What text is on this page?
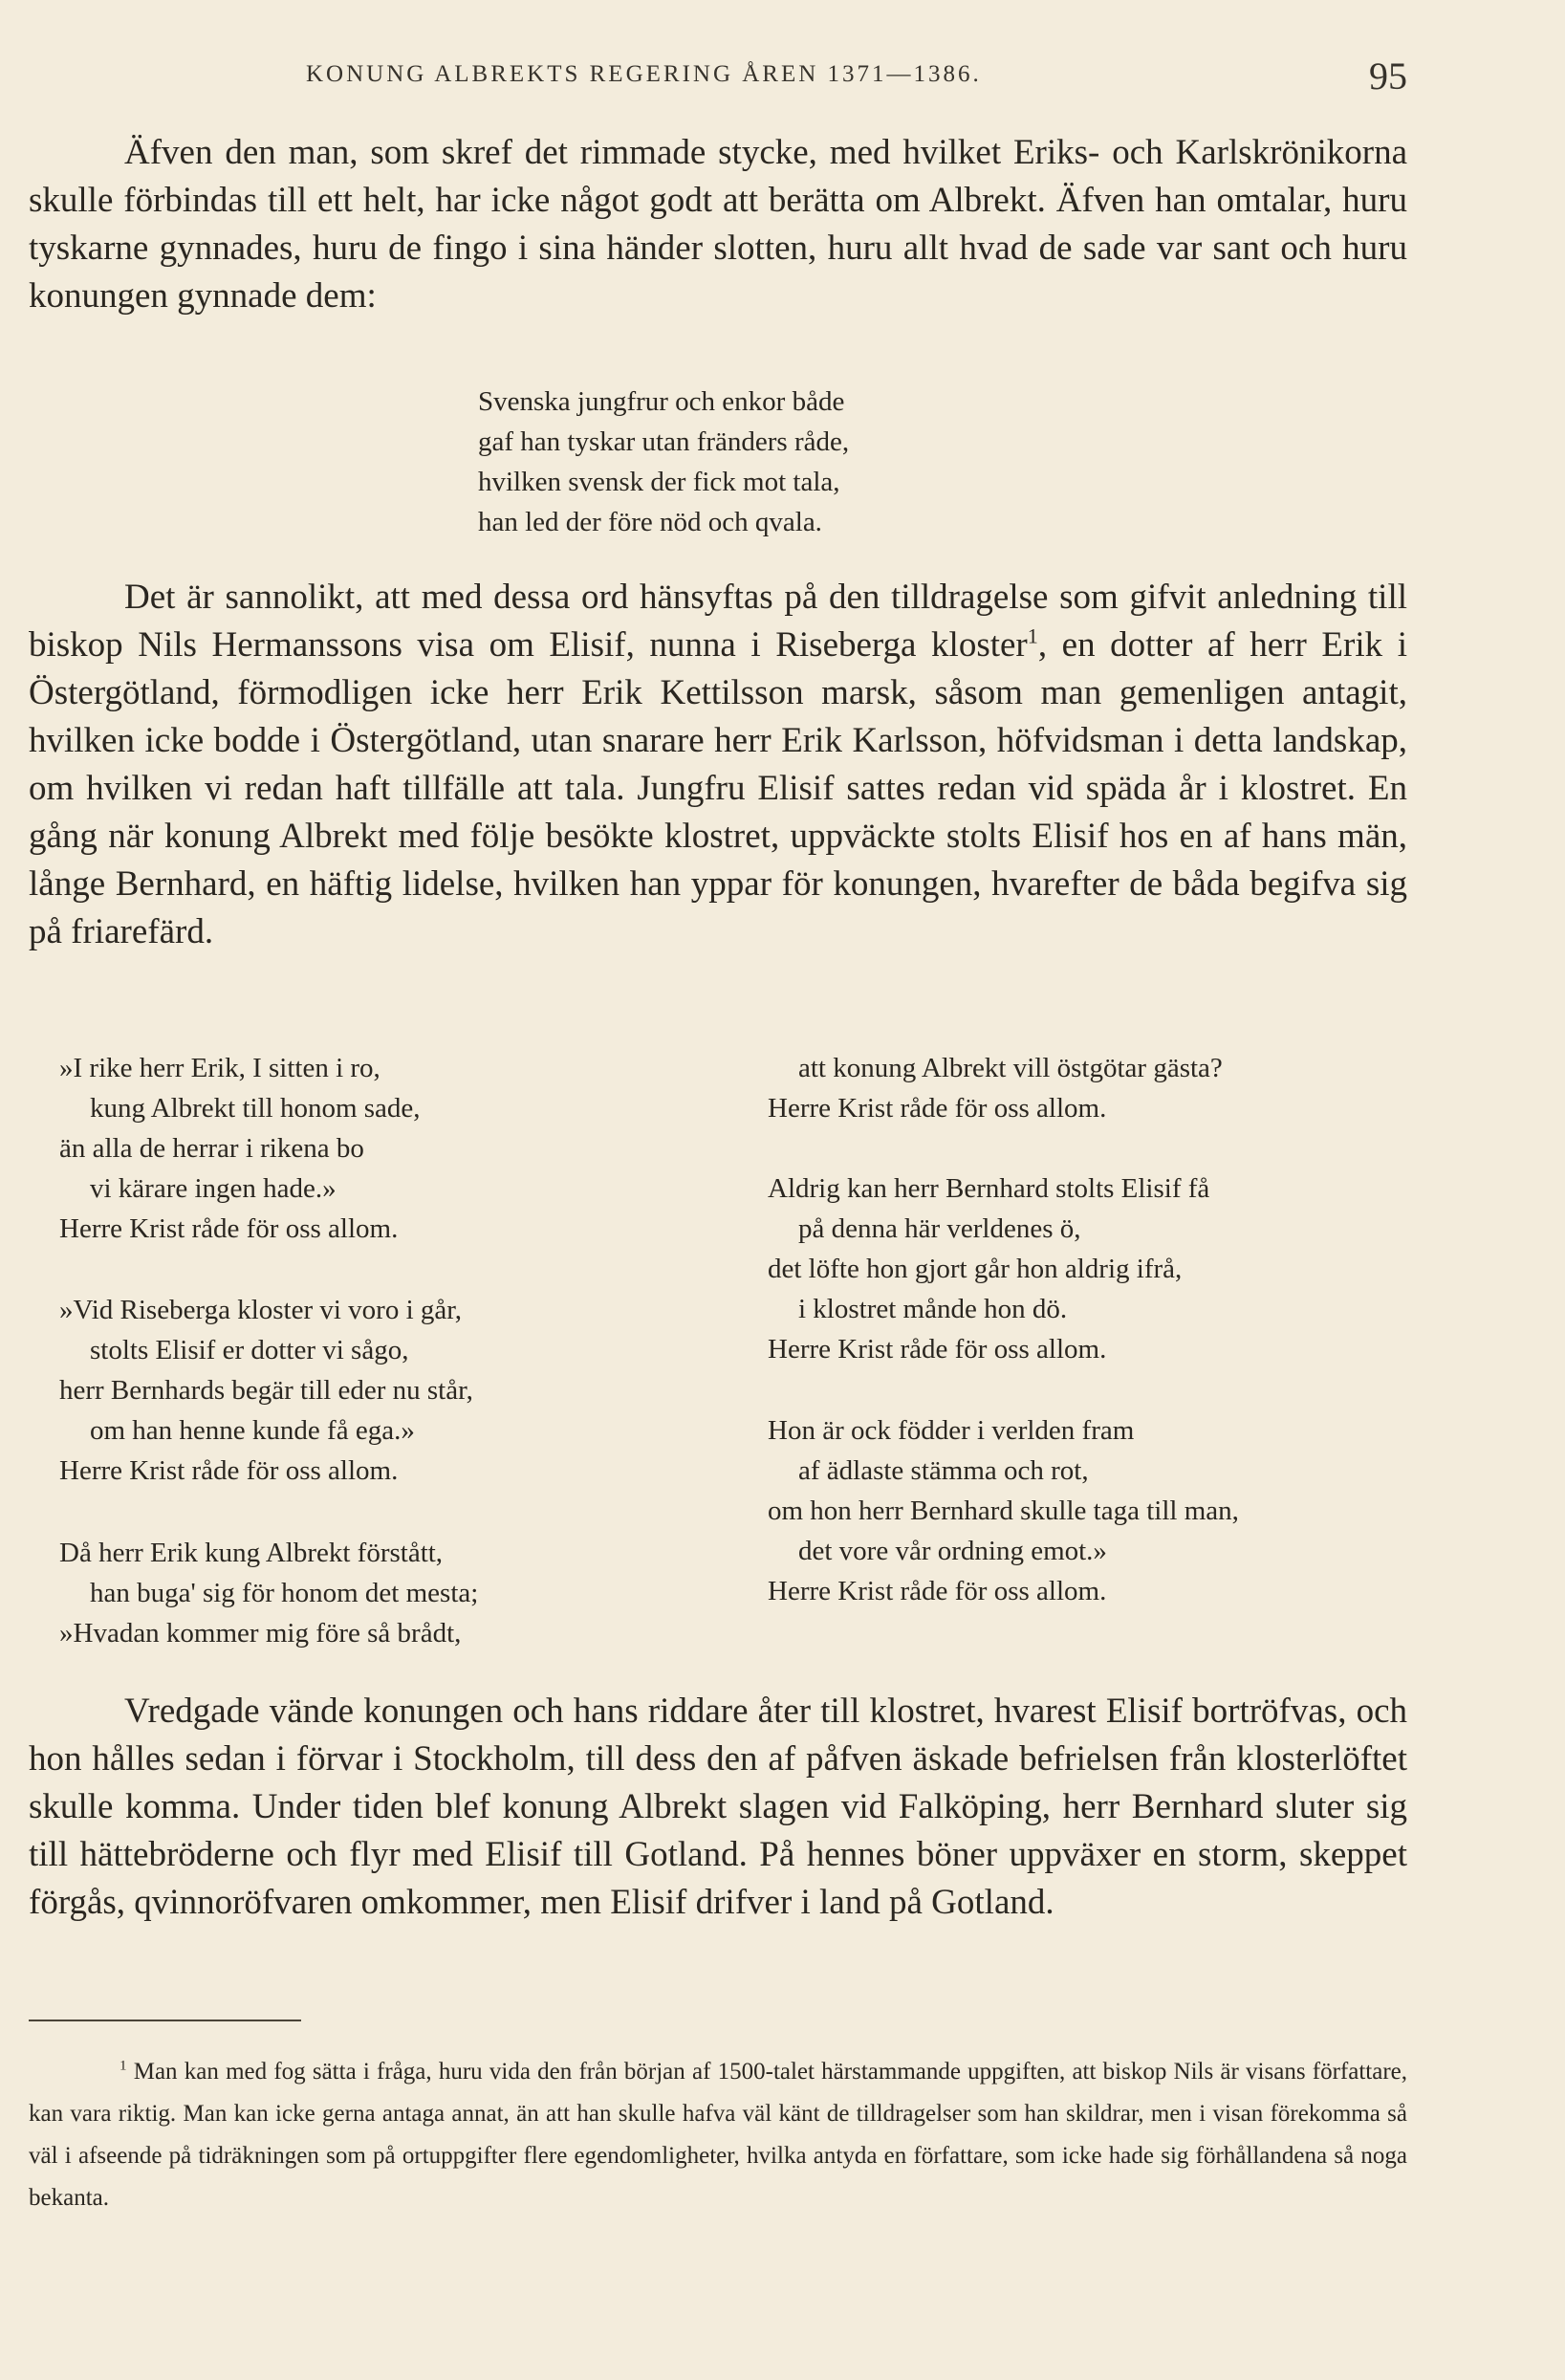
KONUNG ALBREKTS REGERING ÅREN 1371—1386.	95

Äfven den man, som skref det rimmade stycke, med hvilket Eriks- och Karlskrönikorna skulle förbindas till ett helt, har icke något godt att berätta om Albrekt. Äfven han omtalar, huru tyskarne gynnades, huru de fingo i sina händer slotten, huru allt hvad de sade var sant och huru konungen gynnade dem:

Svenska jungfrur och enkor både
gaf han tyskar utan fränders råde,
hvilken svensk der fick mot tala,
han led der före nöd och qvala.

Det är sannolikt, att med dessa ord hänsyftas på den tilldragelse som gifvit anledning till biskop Nils Hermanssons visa om Elisif, nunna i Riseberga kloster$^1$, en dotter af herr Erik i Östergötland, förmodligen icke herr Erik Kettilsson marsk, såsom man gemenligen antagit, hvilken icke bodde i Östergötland, utan snarare herr Erik Karlsson, höfvidsman i detta landskap, om hvilken vi redan haft tillfälle att tala. Jungfru Elisif sattes redan vid späda år i klostret. En gång när konung Albrekt med följe besökte klostret, uppväckte stolts Elisif hos en af hans män, långe Bernhard, en häftig lidelse, hvilken han yppar för konungen, hvarefter de båda begifva sig på friarefärd.

»I rike herr Erik, I sitten i ro,
kung Albrekt till honom sade,
än alla de herrar i rikena bo
vi kärare ingen hade.»
Herre Krist råde för oss allom.
»Vid Riseberga kloster vi voro i går,
stolts Elisif er dotter vi sågo,
herr Bernhards begär till eder nu står,
om han henne kunde få ega.»
Herre Krist råde för oss allom.
Då herr Erik kung Albrekt förstått,
han buga' sig för honom det mesta;
»Hvadan kommer mig före så brådt,
att konung Albrekt vill östgötar gästa?
Herre Krist råde för oss allom.
Aldrig kan herr Bernhard stolts Elisif få
på denna här verldenes ö,
det löfte hon gjort går hon aldrig ifrå,
i klostret månde hon dö.
Herre Krist råde för oss allom.
Hon är ock födder i verlden fram
af ädlaste stämma och rot,
om hon herr Bernhard skulle taga till man,
det vore vår ordning emot.»
Herre Krist råde för oss allom.

Vredgade vände konungen och hans riddare åter till klostret, hvarest Elisif bortröfvas, och hon hålles sedan i förvar i Stockholm, till dess den af påfven äskade befrielsen från klosterlöftet skulle komma. Under tiden blef konung Albrekt slagen vid Falköping, herr Bernhard sluter sig till hättebröderne och flyr med Elisif till Gotland. På hennes böner uppväxer en storm, skeppet förgås, qvinnoröfvaren omkommer, men Elisif drifver i land på Gotland.

$^1$ Man kan med fog sätta i fråga, huru vida den från början af 1500-talet härstammande uppgiften, att biskop Nils är visans författare, kan vara riktig. Man kan icke gerna antaga annat, än att han skulle hafva väl känt de tilldragelser som han skildrar, men i visan förekomma så väl i afseende på tidräkningen som på ortuppgifter flere egendomligheter, hvilka antyda en författare, som icke hade sig förhållandena så noga bekanta.
